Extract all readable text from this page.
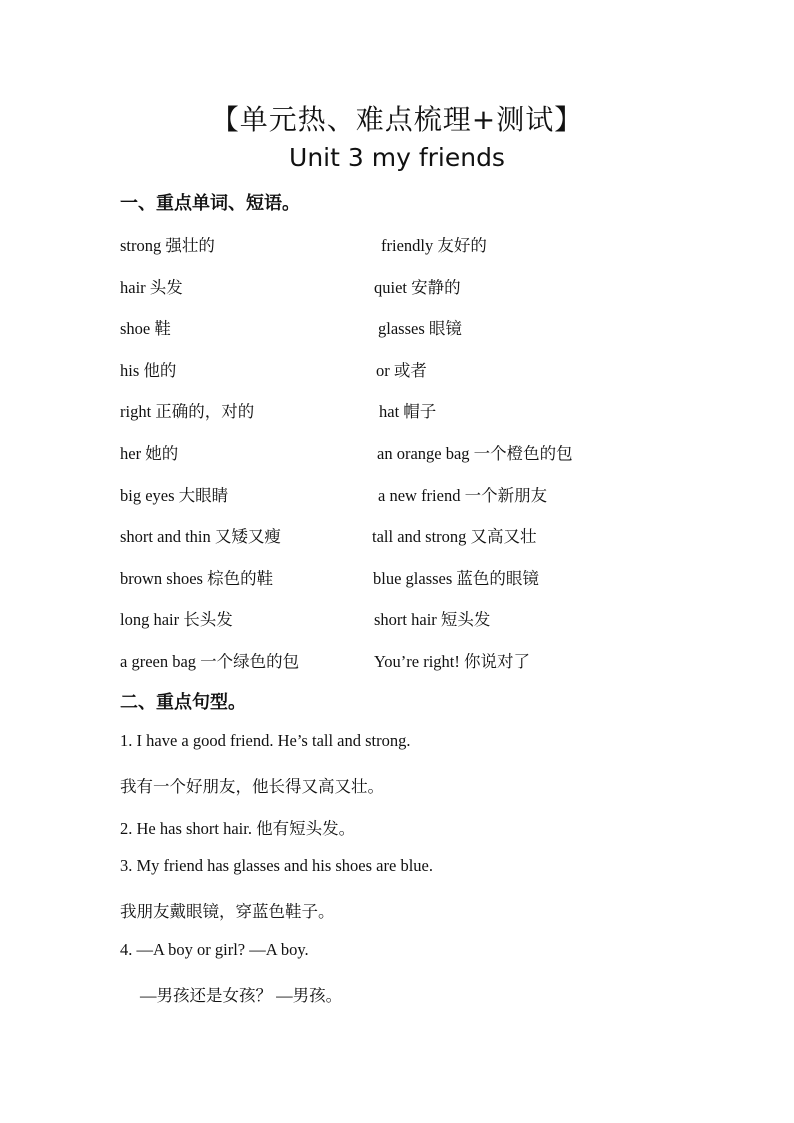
【单元热、难点梳理+测试】
Unit 3 my friends
一、重点单词、短语。
strong 强壮的	friendly 友好的
hair 头发	quiet 安静的
shoe 鞋	glasses 眼镜
his 他的	or 或者
right 正确的，对的	hat 帽子
her 她的	an orange bag 一个橙色的包
big eyes 大眼睛	a new friend 一个新朋友
short and thin 又矮又瘦	tall and strong 又高又壮
brown shoes 棕色的鞋	blue glasses 蓝色的眼镜
long hair 长头发	short hair 短头发
a green bag 一个绿色的包	You’re right! 你说对了
二、重点句型。
1. I have a good friend. He’s tall and strong.
我有一个好朋友，他长得又高又壮。
2. He has short hair. 他有短头发。
3. My friend has glasses and his shoes are blue.
我朋友戴眼镜，穿蓝色鞋子。
4. —A boy or girl? —A boy.
—男孩还是女孩？ —男孩。
